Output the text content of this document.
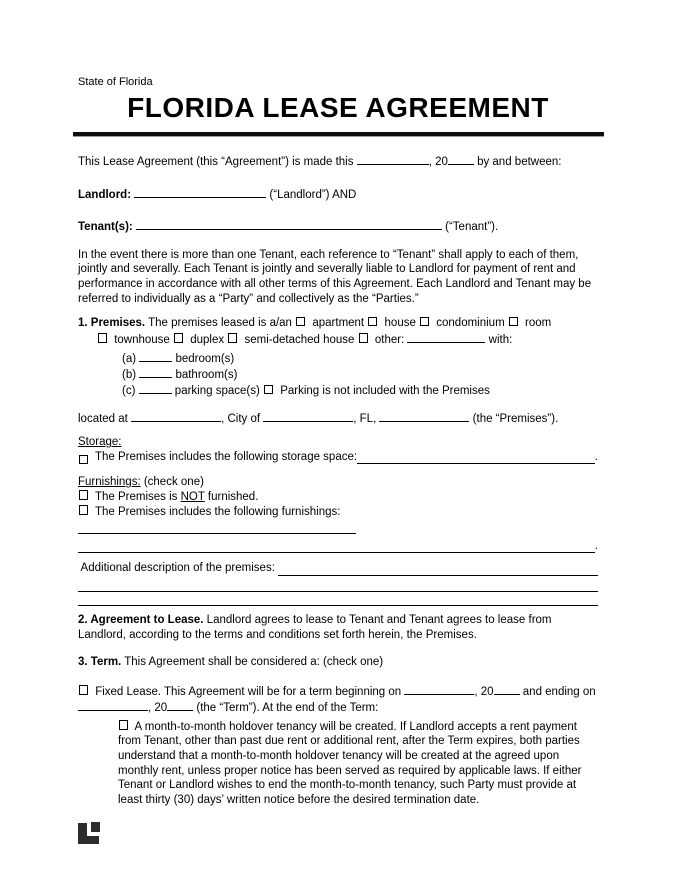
State of Florida
FLORIDA LEASE AGREEMENT
This Lease Agreement (this “Agreement”) is made this	, 20 by and between:
Landlord:	(“Landlord”) AND
Tenant(s):	(“Tenant”).
In the event there is more than one Tenant, each reference to “Tenant” shall apply to each of them, jointly and severally. Each Tenant is jointly and severally liable to Landlord for payment of rent and performance in accordance with all other terms of this Agreement. Each Landlord and Tenant may be referred to individually as a “Party” and collectively as the “Parties.”
1. Premises. The premises leased is a/an  apartment  house  condominium  room
townhouse  duplex  semi-detached house  other:	with:
(a)	bedroom(s)
(b)	bathroom(s)
(c)	parking space(s)  Parking is not included with the Premises
located at	, City of	, FL,	(the “Premises”).
Storage:
The Premises includes the following storage space:	.
Furnishings: (check one)
The Premises is NOT furnished.
The Premises includes the following furnishings:
.
Additional description of the premises:
2. Agreement to Lease. Landlord agrees to lease to Tenant and Tenant agrees to lease from Landlord, according to the terms and conditions set forth herein, the Premises.
3. Term. This Agreement shall be considered a: (check one)
Fixed Lease. This Agreement will be for a term beginning on	, 20 and ending on , 20 (the “Term”). At the end of the Term:
A month-to-month holdover tenancy will be created. If Landlord accepts a rent payment from Tenant, other than past due rent or additional rent, after the Term expires, both parties understand that a month-to-month holdover tenancy will be created at the agreed upon monthly rent, unless proper notice has been served as required by applicable laws. If either Tenant or Landlord wishes to end the month-to-month tenancy, such Party must provide at least thirty (30) days’ written notice before the desired termination date.
